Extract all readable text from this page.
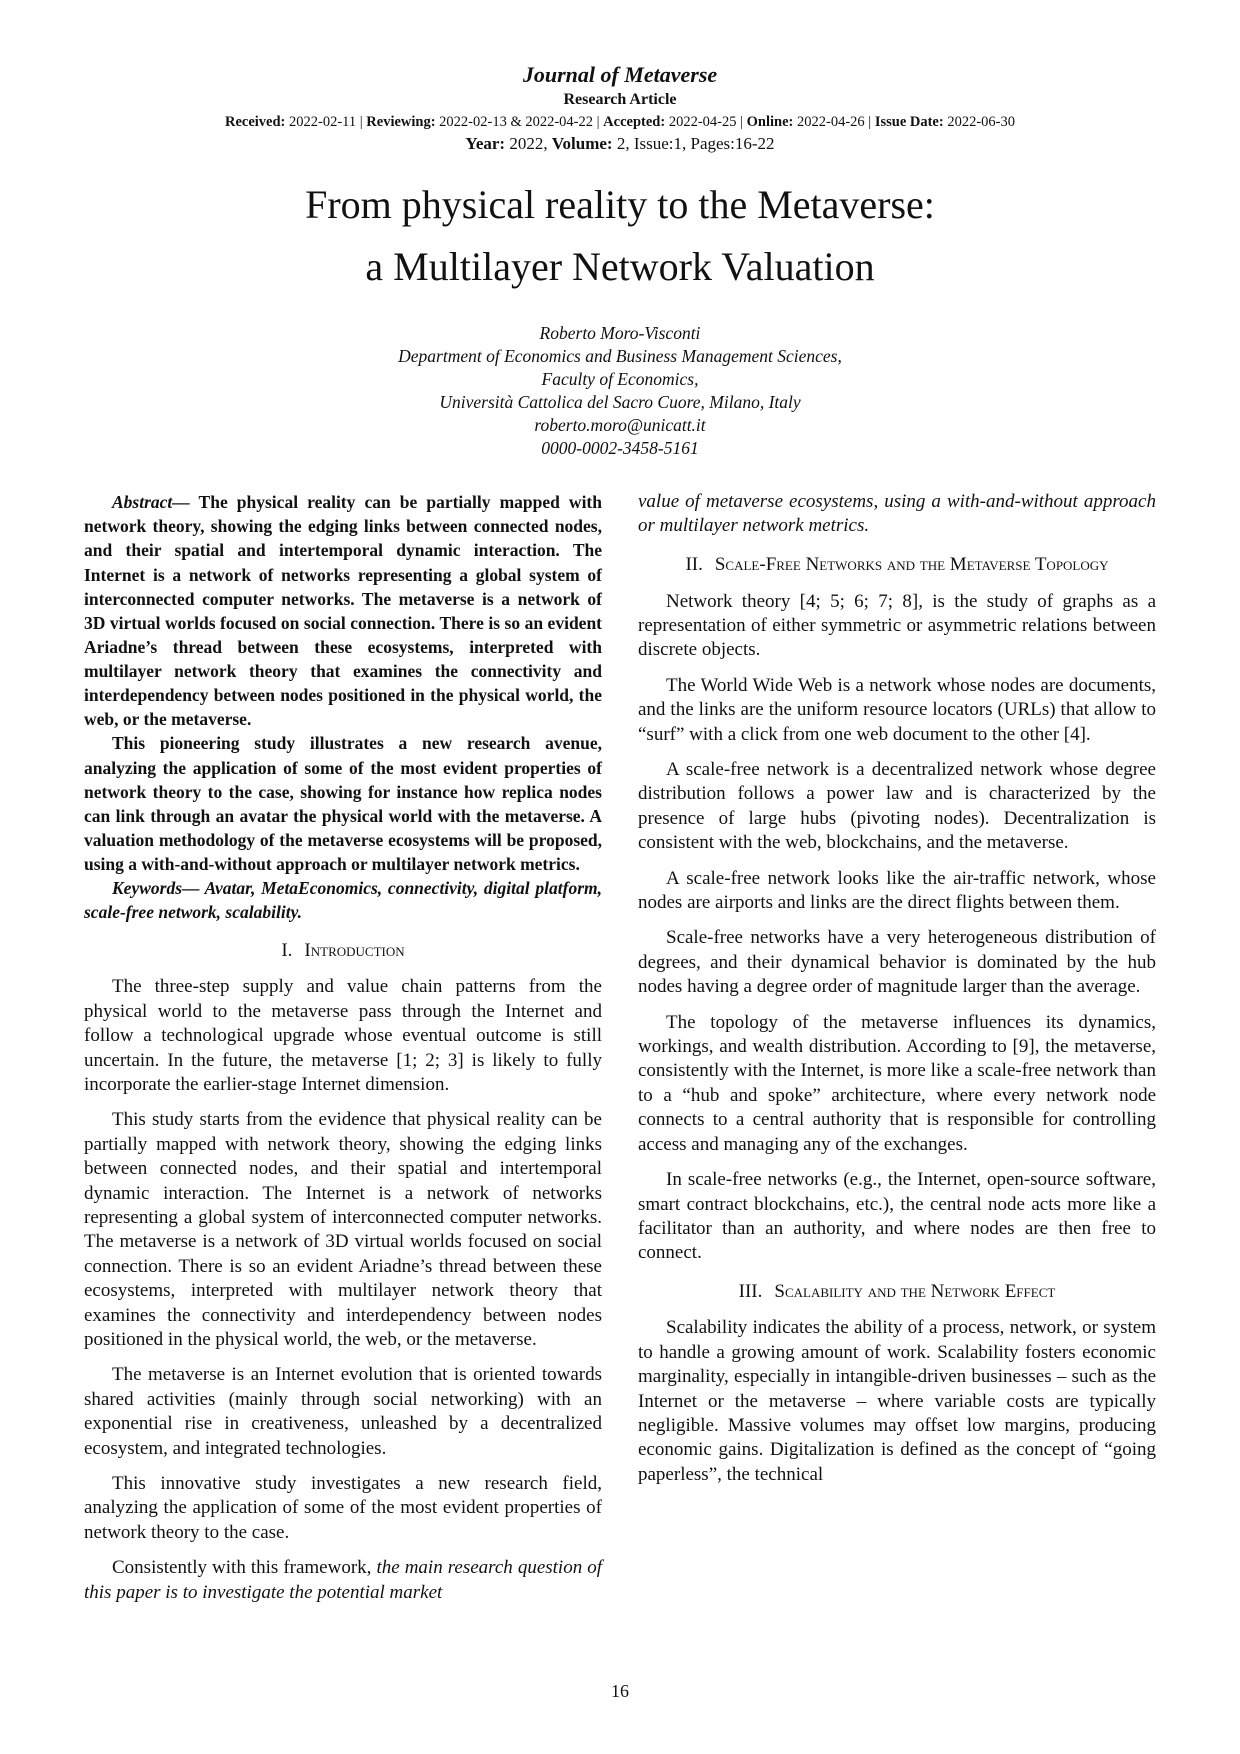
Journal of Metaverse
Research Article
Received: 2022-02-11 | Reviewing: 2022-02-13 & 2022-04-22 | Accepted: 2022-04-25 | Online: 2022-04-26 | Issue Date: 2022-06-30
Year: 2022, Volume: 2, Issue:1, Pages:16-22
From physical reality to the Metaverse:
a Multilayer Network Valuation
Roberto Moro-Visconti
Department of Economics and Business Management Sciences,
Faculty of Economics,
Università Cattolica del Sacro Cuore, Milano, Italy
roberto.moro@unicatt.it
0000-0002-3458-5161

Abstract— The physical reality can be partially mapped with network theory, showing the edging links between connected nodes, and their spatial and intertemporal dynamic interaction. The Internet is a network of networks representing a global system of interconnected computer networks. The metaverse is a network of 3D virtual worlds focused on social connection. There is so an evident Ariadne’s thread between these ecosystems, interpreted with multilayer network theory that examines the connectivity and interdependency between nodes positioned in the physical world, the web, or the metaverse.

This pioneering study illustrates a new research avenue, analyzing the application of some of the most evident properties of network theory to the case, showing for instance how replica nodes can link through an avatar the physical world with the metaverse. A valuation methodology of the metaverse ecosystems will be proposed, using a with-and-without approach or multilayer network metrics.

Keywords— Avatar, MetaEconomics, connectivity, digital platform, scale-free network, scalability.

I. Introduction

The three-step supply and value chain patterns from the physical world to the metaverse pass through the Internet and follow a technological upgrade whose eventual outcome is still uncertain. In the future, the metaverse [1; 2; 3] is likely to fully incorporate the earlier-stage Internet dimension.

This study starts from the evidence that physical reality can be partially mapped with network theory, showing the edging links between connected nodes, and their spatial and intertemporal dynamic interaction. The Internet is a network of networks representing a global system of interconnected computer networks. The metaverse is a network of 3D virtual worlds focused on social connection. There is so an evident Ariadne’s thread between these ecosystems, interpreted with multilayer network theory that examines the connectivity and interdependency between nodes positioned in the physical world, the web, or the metaverse.

The metaverse is an Internet evolution that is oriented towards shared activities (mainly through social networking) with an exponential rise in creativeness, unleashed by a decentralized ecosystem, and integrated technologies.

This innovative study investigates a new research field, analyzing the application of some of the most evident properties of network theory to the case.

Consistently with this framework, the main research question of this paper is to investigate the potential market

value of metaverse ecosystems, using a with-and-without approach or multilayer network metrics.

II. Scale-Free Networks and the Metaverse Topology

Network theory [4; 5; 6; 7; 8], is the study of graphs as a representation of either symmetric or asymmetric relations between discrete objects.

The World Wide Web is a network whose nodes are documents, and the links are the uniform resource locators (URLs) that allow to “surf” with a click from one web document to the other [4].

A scale-free network is a decentralized network whose degree distribution follows a power law and is characterized by the presence of large hubs (pivoting nodes). Decentralization is consistent with the web, blockchains, and the metaverse.

A scale-free network looks like the air-traffic network, whose nodes are airports and links are the direct flights between them.

Scale-free networks have a very heterogeneous distribution of degrees, and their dynamical behavior is dominated by the hub nodes having a degree order of magnitude larger than the average.

The topology of the metaverse influences its dynamics, workings, and wealth distribution. According to [9], the metaverse, consistently with the Internet, is more like a scale-free network than to a “hub and spoke” architecture, where every network node connects to a central authority that is responsible for controlling access and managing any of the exchanges.

In scale-free networks (e.g., the Internet, open-source software, smart contract blockchains, etc.), the central node acts more like a facilitator than an authority, and where nodes are then free to connect.

III. Scalability and the Network Effect

Scalability indicates the ability of a process, network, or system to handle a growing amount of work. Scalability fosters economic marginality, especially in intangible-driven businesses – such as the Internet or the metaverse – where variable costs are typically negligible. Massive volumes may offset low margins, producing economic gains. Digitalization is defined as the concept of “going paperless”, the technical

16
